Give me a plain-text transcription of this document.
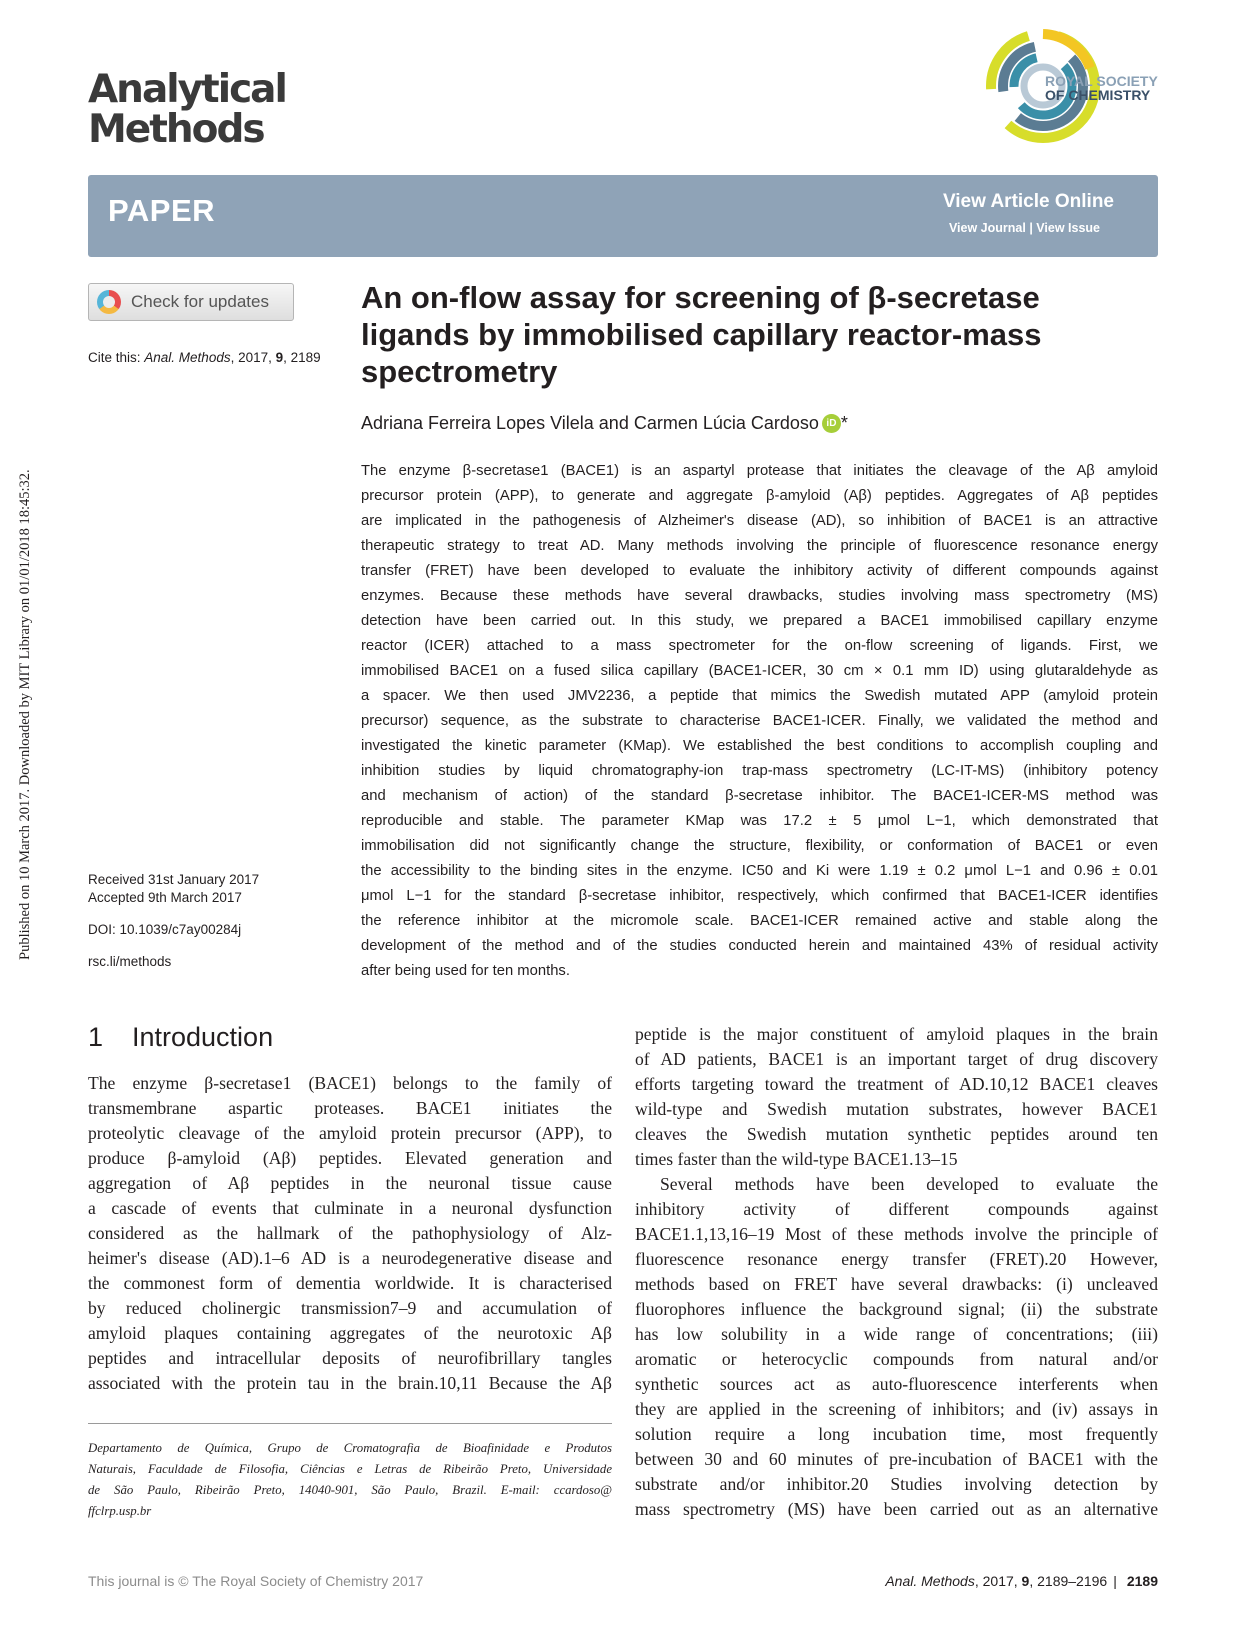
Published on 10 March 2017. Downloaded by MIT Library on 01/01/2018 18:45:32.
Analytical
Methods
ROYAL SOCIETY
OF CHEMISTRY
PAPER	View Article Online
View Journal | View Issue
Check for updates
Cite this: Anal. Methods, 2017, 9, 2189
Received 31st January 2017
Accepted 9th March 2017
DOI: 10.1039/c7ay00284j
rsc.li/methods
An on-flow assay for screening of β-secretase
ligands by immobilised capillary reactor-mass
spectrometry
Adriana Ferreira Lopes Vilela and Carmen Lúcia Cardoso iD *
The enzyme β-secretase1 (BACE1) is an aspartyl protease that initiates the cleavage of the Aβ amyloid
precursor protein (APP), to generate and aggregate β-amyloid (Aβ) peptides. Aggregates of Aβ peptides
are implicated in the pathogenesis of Alzheimer's disease (AD), so inhibition of BACE1 is an attractive
therapeutic strategy to treat AD. Many methods involving the principle of fluorescence resonance energy
transfer (FRET) have been developed to evaluate the inhibitory activity of different compounds against
enzymes. Because these methods have several drawbacks, studies involving mass spectrometry (MS)
detection have been carried out. In this study, we prepared a BACE1 immobilised capillary enzyme
reactor (ICER) attached to a mass spectrometer for the on-flow screening of ligands. First, we
immobilised BACE1 on a fused silica capillary (BACE1-ICER, 30 cm × 0.1 mm ID) using glutaraldehyde as
a spacer. We then used JMV2236, a peptide that mimics the Swedish mutated APP (amyloid protein
precursor) sequence, as the substrate to characterise BACE1-ICER. Finally, we validated the method and
investigated the kinetic parameter (KMap). We established the best conditions to accomplish coupling and
inhibition studies by liquid chromatography-ion trap-mass spectrometry (LC-IT-MS) (inhibitory potency
and mechanism of action) of the standard β-secretase inhibitor. The BACE1-ICER-MS method was
reproducible and stable. The parameter KMap was 17.2 ± 5 μmol L−1, which demonstrated that
immobilisation did not significantly change the structure, flexibility, or conformation of BACE1 or even
the accessibility to the binding sites in the enzyme. IC50 and Ki were 1.19 ± 0.2 μmol L−1 and 0.96 ± 0.01
μmol L−1 for the standard β-secretase inhibitor, respectively, which confirmed that BACE1-ICER identifies
the reference inhibitor at the micromole scale. BACE1-ICER remained active and stable along the
development of the method and of the studies conducted herein and maintained 43% of residual activity
after being used for ten months.
1 Introduction
The enzyme β-secretase1 (BACE1) belongs to the family of
transmembrane aspartic proteases. BACE1 initiates the
proteolytic cleavage of the amyloid protein precursor (APP), to
produce β-amyloid (Aβ) peptides. Elevated generation and
aggregation of Aβ peptides in the neuronal tissue cause
a cascade of events that culminate in a neuronal dysfunction
considered as the hallmark of the pathophysiology of Alz-
heimer's disease (AD).1–6 AD is a neurodegenerative disease and
the commonest form of dementia worldwide. It is characterised
by reduced cholinergic transmission7–9 and accumulation of
amyloid plaques containing aggregates of the neurotoxic Aβ
peptides and intracellular deposits of neurofibrillary tangles
associated with the protein tau in the brain.10,11 Because the Aβ
peptide is the major constituent of amyloid plaques in the brain
of AD patients, BACE1 is an important target of drug discovery
efforts targeting toward the treatment of AD.10,12 BACE1 cleaves
wild-type and Swedish mutation substrates, however BACE1
cleaves the Swedish mutation synthetic peptides around ten
times faster than the wild-type BACE1.13–15
Several methods have been developed to evaluate the
inhibitory activity of different compounds against
BACE1.1,13,16–19 Most of these methods involve the principle of
fluorescence resonance energy transfer (FRET).20 However,
methods based on FRET have several drawbacks: (i) uncleaved
fluorophores influence the background signal; (ii) the substrate
has low solubility in a wide range of concentrations; (iii)
aromatic or heterocyclic compounds from natural and/or
synthetic sources act as auto-fluorescence interferents when
they are applied in the screening of inhibitors; and (iv) assays in
solution require a long incubation time, most frequently
between 30 and 60 minutes of pre-incubation of BACE1 with the
substrate and/or inhibitor.20 Studies involving detection by
mass spectrometry (MS) have been carried out as an alternative
Departamento de Química, Grupo de Cromatografia de Bioafinidade e Produtos
Naturais, Faculdade de Filosofia, Ciências e Letras de Ribeirão Preto, Universidade
de São Paulo, Ribeirão Preto, 14040-901, São Paulo, Brazil. E-mail: ccardoso@
ffclrp.usp.br
This journal is © The Royal Society of Chemistry 2017	Anal. Methods, 2017, 9, 2189–2196 | 2189
